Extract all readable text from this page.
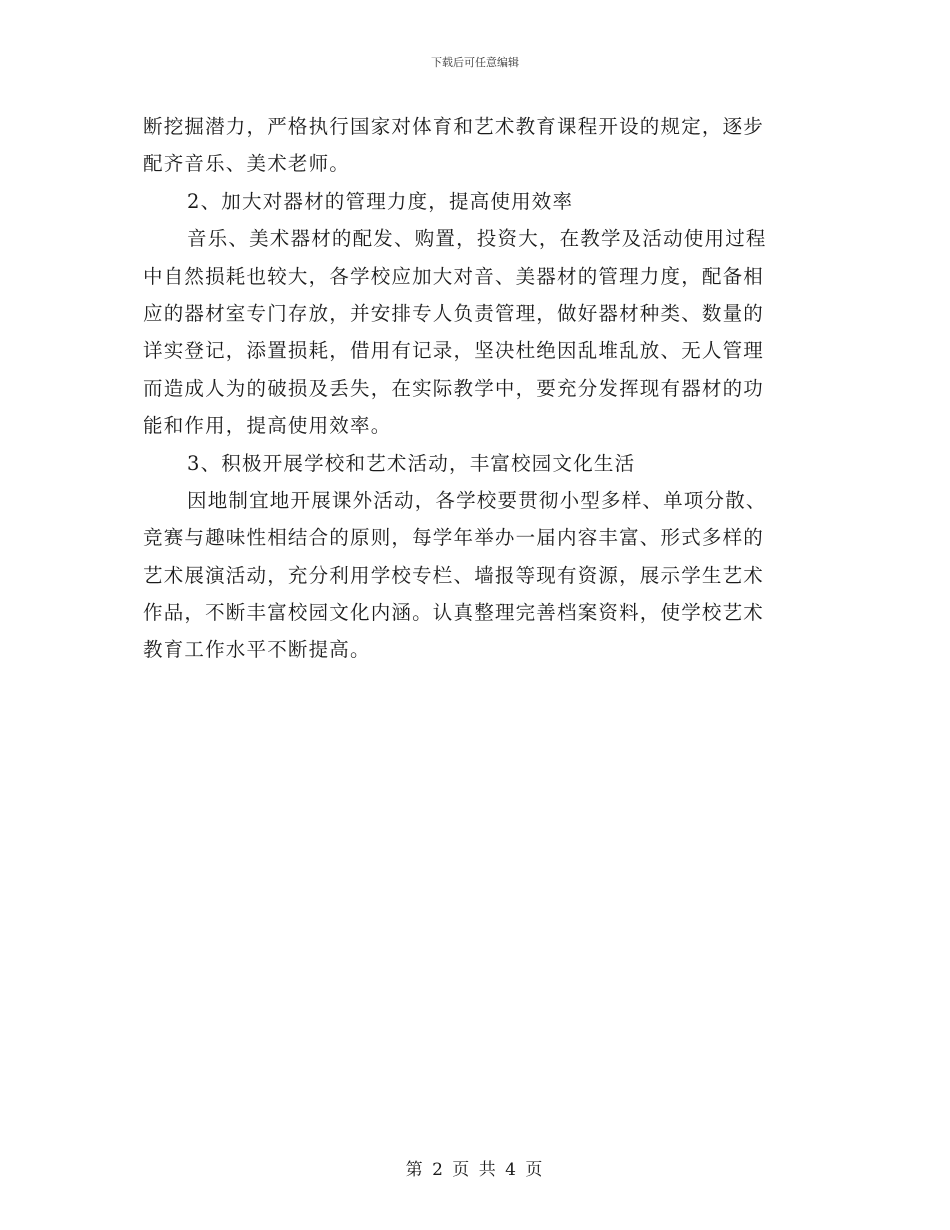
下载后可任意编辑
断挖掘潜力，严格执行国家对体育和艺术教育课程开设的规定，逐步
配齐音乐、美术老师。
2、加大对器材的管理力度，提高使用效率
音乐、美术器材的配发、购置，投资大，在教学及活动使用过程
中自然损耗也较大，各学校应加大对音、美器材的管理力度，配备相
应的器材室专门存放，并安排专人负责管理，做好器材种类、数量的
详实登记，添置损耗，借用有记录，坚决杜绝因乱堆乱放、无人管理
而造成人为的破损及丢失，在实际教学中，要充分发挥现有器材的功
能和作用，提高使用效率。
3、积极开展学校和艺术活动，丰富校园文化生活
因地制宜地开展课外活动，各学校要贯彻小型多样、单项分散、
竞赛与趣味性相结合的原则，每学年举办一届内容丰富、形式多样的
艺术展演活动，充分利用学校专栏、墙报等现有资源，展示学生艺术
作品，不断丰富校园文化内涵。认真整理完善档案资料，使学校艺术
教育工作水平不断提高。
第 2 页 共 4 页
